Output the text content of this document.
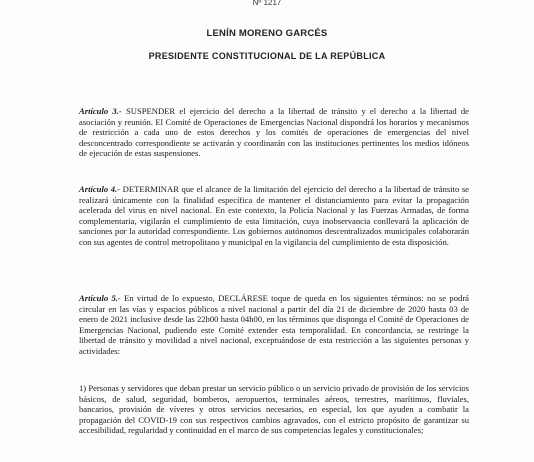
Nº 1217
LENÍN MORENO GARCÉS
PRESIDENTE CONSTITUCIONAL DE LA REPÚBLICA

Artículo 3.- SUSPENDER el ejercicio del derecho a la libertad de tránsito y el derecho a la libertad de asociación y reunión. El Comité de Operaciones de Emergencias Nacional dispondrá los horarios y mecanismos de restricción a cada uno de estos derechos y los comités de operaciones de emergencias del nivel desconcentrado correspondiente se activarán y coordinarán con las instituciones pertinentes los medios idóneos de ejecución de estas suspensiones.

Artículo 4.- DETERMINAR que el alcance de la limitación del ejercicio del derecho a la libertad de tránsito se realizará únicamente con la finalidad específica de mantener el distanciamiento para evitar la propagación acelerada del virus en nivel nacional. En este contexto, la Policía Nacional y las Fuerzas Armadas, de forma complementaria, vigilarán el cumplimiento de esta limitación, cuya inobservancia conllevará la aplicación de sanciones por la autoridad correspondiente. Los gobiernos autónomos descentralizados municipales colaborarán con sus agentes de control metropolitano y municipal en la vigilancia del cumplimiento de esta disposición.

Artículo 5.- En virtud de lo expuesto, DECLÁRESE toque de queda en los siguientes términos: no se podrá circular en las vías y espacios públicos a nivel nacional a partir del día 21 de diciembre de 2020 hasta 03 de enero de 2021 inclusive desde las 22h00 hasta 04h00, en los términos que disponga el Comité de Operaciones de Emergencias Nacional, pudiendo este Comité extender esta temporalidad. En concordancia, se restringe la libertad de tránsito y movilidad a nivel nacional, exceptuándose de esta restricción a las siguientes personas y actividades:

1) Personas y servidores que deban prestar un servicio público o un servicio privado de provisión de los servicios básicos, de salud, seguridad, bomberos, aeropuertos, terminales aéreos, terrestres, marítimos, fluviales, bancarios, provisión de víveres y otros servicios necesarios, en especial, los que ayuden a combatir la propagación del COVID-19 con sus respectivos cambios agravados, con el estricto propósito de garantizar su accesibilidad, regularidad y continuidad en el marco de sus competencias legales y constitucionales;
